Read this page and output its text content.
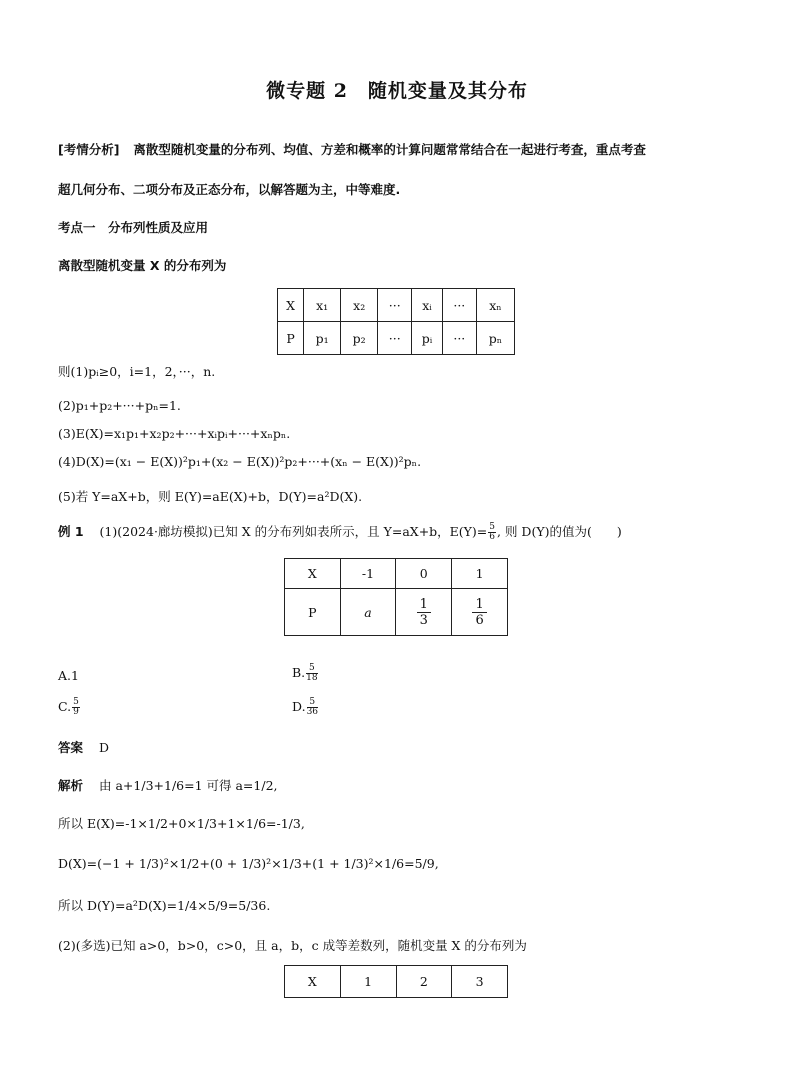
微专题 2　随机变量及其分布
[考情分析] 离散型随机变量的分布列、均值、方差和概率的计算问题常常结合在一起进行考查，重点考查
超几何分布、二项分布及正态分布，以解答题为主，中等难度.
考点一　分布列性质及应用
离散型随机变量 X 的分布列为
X	x₁	x₂	···	xᵢ	···	xₙ
P	p₁	p₂	···	pᵢ	···	pₙ
则(1)pᵢ≥0，i=1，2，···，n.
(2)p₁+p₂+···+pₙ=1.
(3)E(X)=x₁p₁+x₂p₂+···+xᵢpᵢ+···+xₙpₙ.
(4)D(X)=(x₁ − E(X))²p₁+(x₂ − E(X))²p₂+···+(xₙ − E(X))²pₙ.
(5)若 Y=aX+b，则 E(Y)=aE(X)+b，D(Y)=a²D(X).
例 1 (1)(2024·廊坊模拟)已知 X 的分布列如表所示，且 Y=aX+b，$E(Y)= \frac{5}{6}$ , 则 D(Y)的值为(　　)
X	-1	0	1
P	a	$\frac{1}{3}$	$\frac{1}{6}$
A.1	B. $\frac{5}{18}$
C. $\frac{5}{9}$	D. $\frac{5}{36}$
答案 D
解析 由 a+1/3+1/6=1 可得 a=1/2,
所以 E(X)=-1×1/2+0×1/3+1×1/6=-1/3,
D(X)=(−1 + 1/3)²×1/2+(0 + 1/3)²×1/3+(1 + 1/3)²×1/6=5/9,
所以 D(Y)=a²D(X)=1/4×5/9=5/36.
(2)(多选)已知 a>0，b>0，c>0，且 a，b，c 成等差数列，随机变量 X 的分布列为
X	1	2	3
